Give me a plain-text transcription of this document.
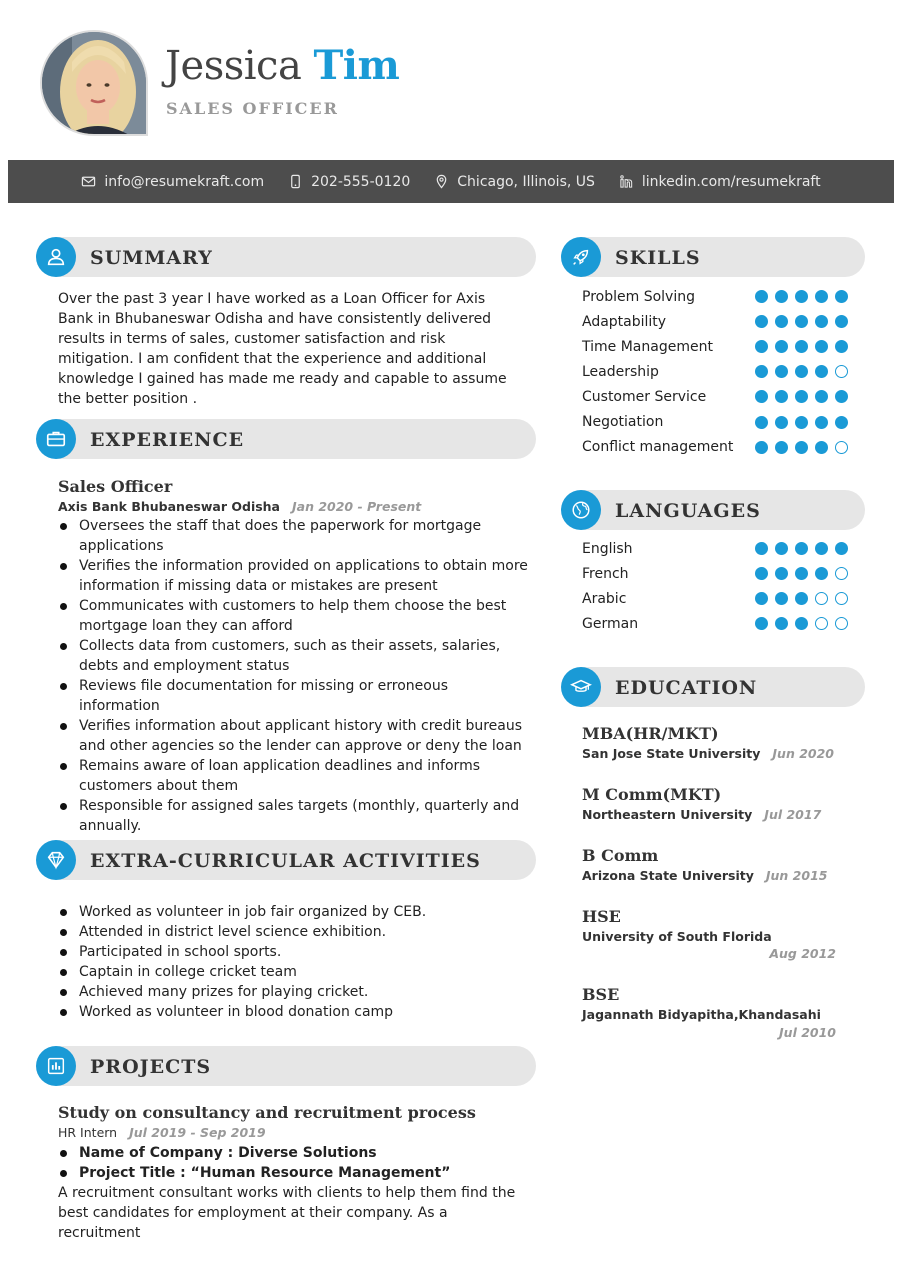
Jessica Tim
SALES OFFICER
info@resumekraft.com	202-555-0120	Chicago, Illinois, US	linkedin.com/resumekraft
SUMMARY
Over the past 3 year I have worked as a Loan Officer for Axis Bank in Bhubaneswar Odisha and have consistently delivered results in terms of sales, customer satisfaction and risk mitigation. I am confident that the experience and additional knowledge I gained has made me ready and capable to assume the better position .
EXPERIENCE
Sales Officer
Axis Bank Bhubaneswar Odisha Jan 2020 - Present
Oversees the staff that does the paperwork for mortgage applications
Verifies the information provided on applications to obtain more information if missing data or mistakes are present
Communicates with customers to help them choose the best mortgage loan they can afford
Collects data from customers, such as their assets, salaries, debts and employment status
Reviews file documentation for missing or erroneous information
Verifies information about applicant history with credit bureaus and other agencies so the lender can approve or deny the loan
Remains aware of loan application deadlines and informs customers about them
Responsible for assigned sales targets (monthly, quarterly and annually.
EXTRA-CURRICULAR ACTIVITIES
Worked as volunteer in job fair organized by CEB.
Attended in district level science exhibition.
Participated in school sports.
Captain in college cricket team
Achieved many prizes for playing cricket.
Worked as volunteer in blood donation camp
PROJECTS
Study on consultancy and recruitment process
HR Intern Jul 2019 - Sep 2019
Name of Company : Diverse Solutions
Project Title : “Human Resource Management”
A recruitment consultant works with clients to help them find the best candidates for employment at their company. As a recruitment
SKILLS
Problem Solving
Adaptability
Time Management
Leadership
Customer Service
Negotiation
Conflict management
LANGUAGES
English
French
Arabic
German
EDUCATION
MBA(HR/MKT)
San Jose State University Jun 2020
M Comm(MKT)
Northeastern University Jul 2017
B Comm
Arizona State University Jun 2015
HSE
University of South Florida
Aug 2012
BSE
Jagannath Bidyapitha,Khandasahi
Jul 2010
